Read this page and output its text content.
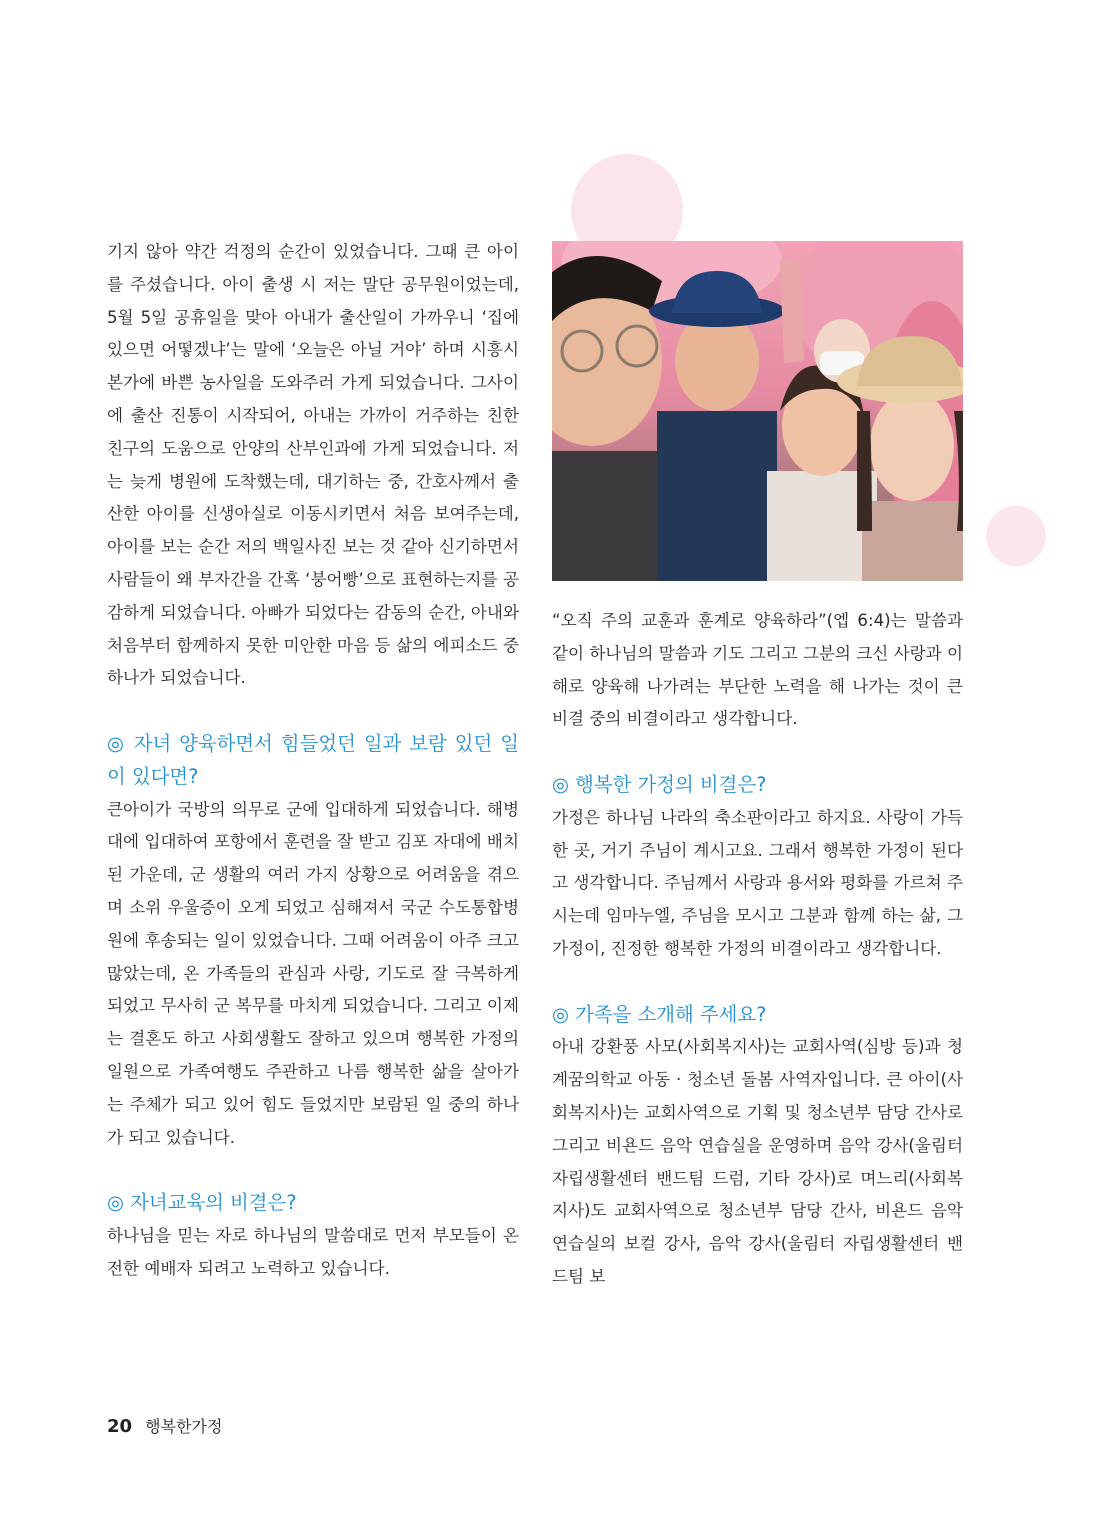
기지 않아 약간 걱정의 순간이 있었습니다. 그때 큰 아이를 주셨습니다. 아이 출생 시 저는 말단 공무원이었는데, 5월 5일 공휴일을 맞아 아내가 출산일이 가까우니 ‘집에 있으면 어떻겠냐’는 말에 ‘오늘은 아닐 거야’ 하며 시흥시 본가에 바쁜 농사일을 도와주러 가게 되었습니다. 그사이에 출산 진통이 시작되어, 아내는 가까이 거주하는 친한 친구의 도움으로 안양의 산부인과에 가게 되었습니다. 저는 늦게 병원에 도착했는데, 대기하는 중, 간호사께서 출산한 아이를 신생아실로 이동시키면서 처음 보여주는데, 아이를 보는 순간 저의 백일사진 보는 것 같아 신기하면서 사람들이 왜 부자간을 간혹 ‘붕어빵’으로 표현하는지를 공감하게 되었습니다. 아빠가 되었다는 감동의 순간, 아내와 처음부터 함께하지 못한 미안한 마음 등 삶의 에피소드 중 하나가 되었습니다.

◎ 자녀 양육하면서 힘들었던 일과 보람 있던 일이 있다면?

큰아이가 국방의 의무로 군에 입대하게 되었습니다. 해병대에 입대하여 포항에서 훈련을 잘 받고 김포 자대에 배치된 가운데, 군 생활의 여러 가지 상황으로 어려움을 겪으며 소위 우울증이 오게 되었고 심해져서 국군 수도통합병원에 후송되는 일이 있었습니다. 그때 어려움이 아주 크고 많았는데, 온 가족들의 관심과 사랑, 기도로 잘 극복하게 되었고 무사히 군 복무를 마치게 되었습니다. 그리고 이제는 결혼도 하고 사회생활도 잘하고 있으며 행복한 가정의 일원으로 가족여행도 주관하고 나름 행복한 삶을 살아가는 주체가 되고 있어 힘도 들었지만 보람된 일 중의 하나가 되고 있습니다.

◎ 자녀교육의 비결은?

하나님을 믿는 자로 하나님의 말씀대로 먼저 부모들이 온전한 예배자 되려고 노력하고 있습니다.

“오직 주의 교훈과 훈계로 양육하라”(엡 6:4)는 말씀과 같이 하나님의 말씀과 기도 그리고 그분의 크신 사랑과 이해로 양육해 나가려는 부단한 노력을 해 나가는 것이 큰 비결 중의 비결이라고 생각합니다.

◎ 행복한 가정의 비결은?

가정은 하나님 나라의 축소판이라고 하지요. 사랑이 가득한 곳, 거기 주님이 계시고요. 그래서 행복한 가정이 된다고 생각합니다. 주님께서 사랑과 용서와 평화를 가르쳐 주시는데 임마누엘, 주님을 모시고 그분과 함께 하는 삶, 그 가정이, 진정한 행복한 가정의 비결이라고 생각합니다.

◎ 가족을 소개해 주세요?

아내 강환풍 사모(사회복지사)는 교회사역(심방 등)과 청계꿈의학교 아동 · 청소년 돌봄 사역자입니다. 큰 아이(사회복지사)는 교회사역으로 기획 및 청소년부 담당 간사로 그리고 비욘드 음악 연습실을 운영하며 음악 강사(울림터 자립생활센터 밴드팀 드럼, 기타 강사)로 며느리(사회복지사)도 교회사역으로 청소년부 담당 간사, 비욘드 음악 연습실의 보컬 강사, 음악 강사(울림터 자립생활센터 밴드팀 보

20 행복한가정
